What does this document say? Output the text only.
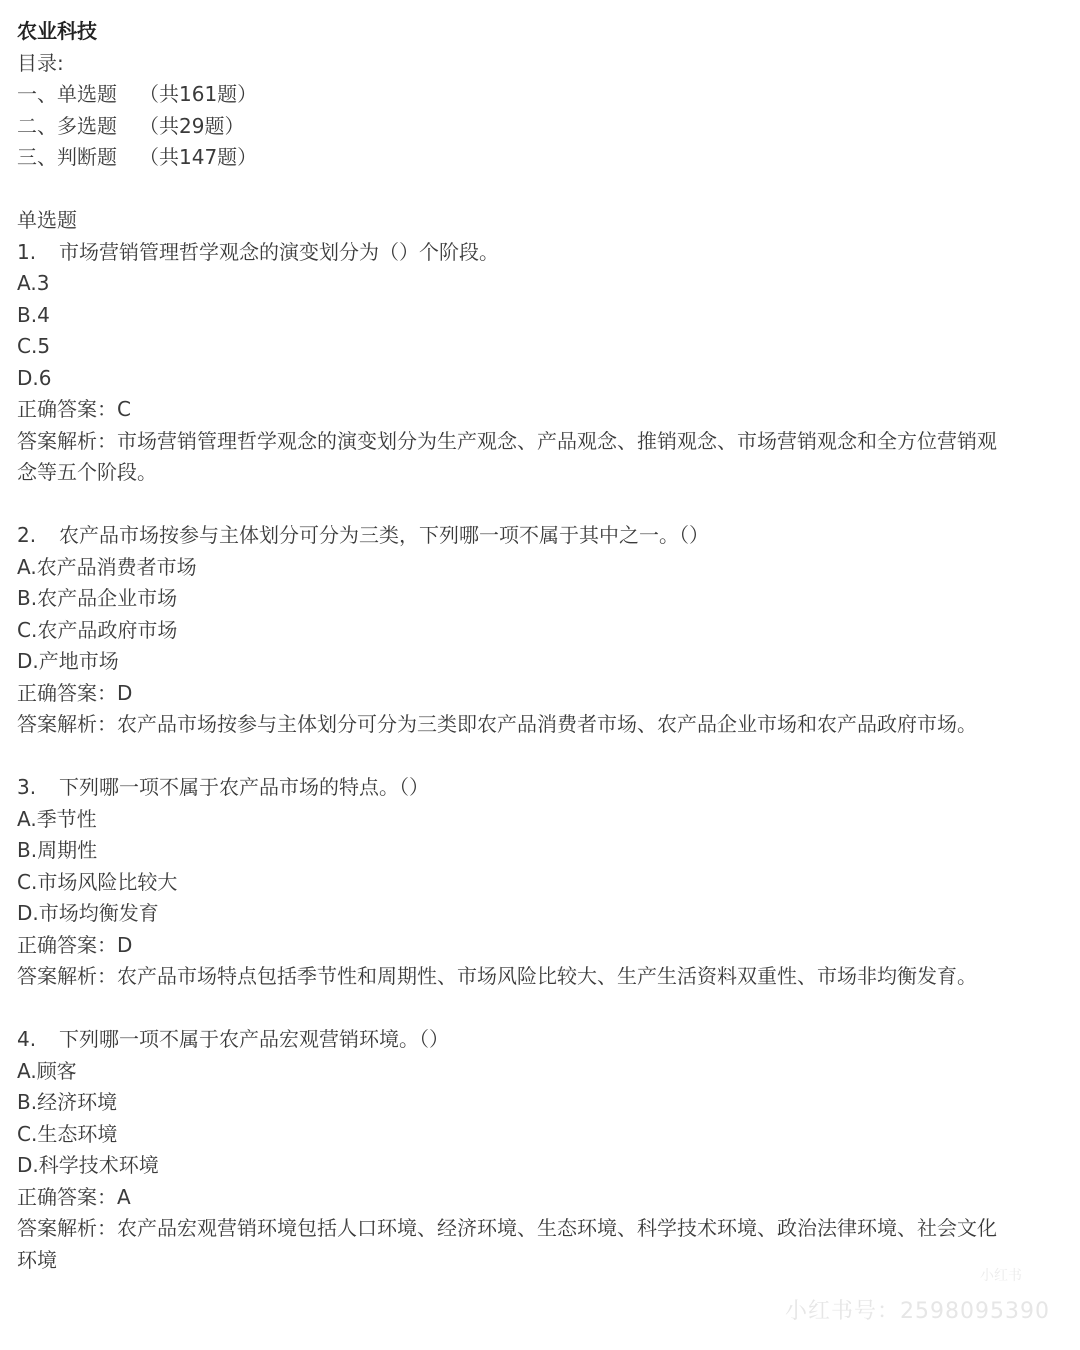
农业科技
目录:
一、单选题 （共161题）
二、多选题 （共29题）
三、判断题 （共147题）
单选题
1. 市场营销管理哲学观念的演变划分为（）个阶段。
A.3
B.4
C.5
D.6
正确答案：C
答案解析：市场营销管理哲学观念的演变划分为生产观念、产品观念、推销观念、市场营销观念和全方位营销观念等五个阶段。
2. 农产品市场按参与主体划分可分为三类，下列哪一项不属于其中之一。（）
A.农产品消费者市场
B.农产品企业市场
C.农产品政府市场
D.产地市场
正确答案：D
答案解析：农产品市场按参与主体划分可分为三类即农产品消费者市场、农产品企业市场和农产品政府市场。
3. 下列哪一项不属于农产品市场的特点。（）
A.季节性
B.周期性
C.市场风险比较大
D.市场均衡发育
正确答案：D
答案解析：农产品市场特点包括季节性和周期性、市场风险比较大、生产生活资料双重性、市场非均衡发育。
4. 下列哪一项不属于农产品宏观营销环境。（）
A.顾客
B.经济环境
C.生态环境
D.科学技术环境
正确答案：A
答案解析：农产品宏观营销环境包括人口环境、经济环境、生态环境、科学技术环境、政治法律环境、社会文化环境
小红书
小红书号：2598095390
